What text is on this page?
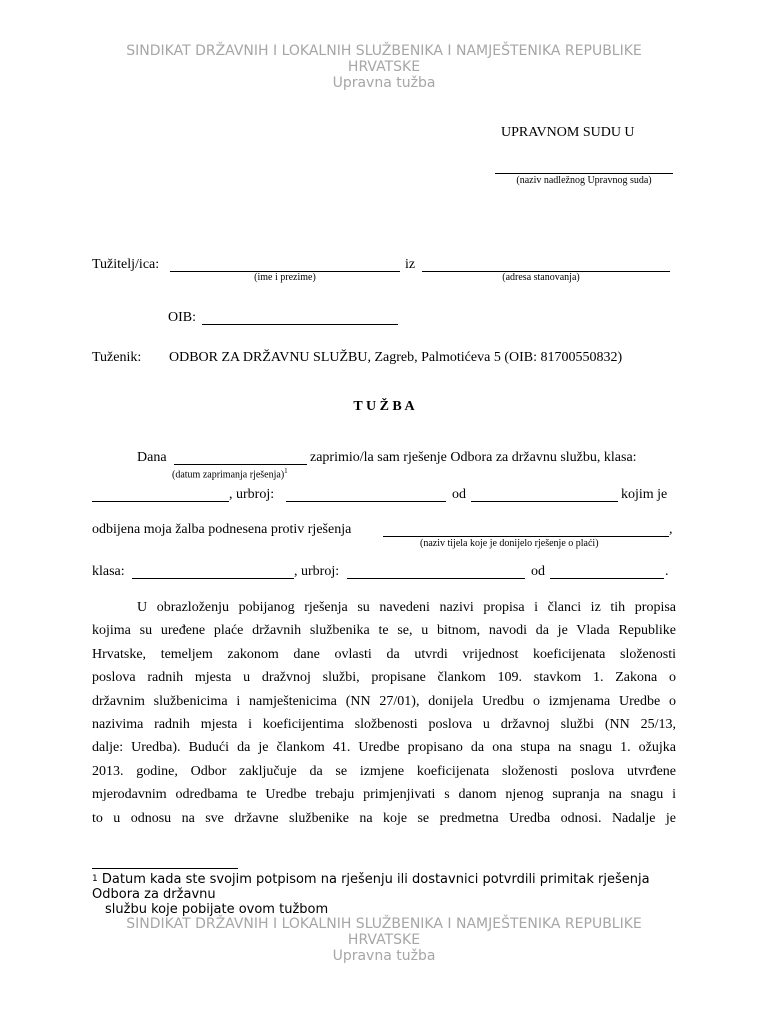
SINDIKAT DRŽAVNIH I LOKALNIH SLUŽBENIKA I NAMJEŠTENIKA REPUBLIKE
HRVATSKE
Upravna tužba
UPRAVNOM SUDU U
(naziv nadležnog Upravnog suda)
Tužitelj/ica:	iz
(ime i prezime)	(adresa stanovanja)
OIB:
Tuženik: ODBOR ZA DRŽAVNU SLUŽBU, Zagreb, Palmotićeva 5 (OIB: 81700550832)
T U Ž B A
Dana	zaprimio/la sam rješenje Odbora za državnu službu, klasa:
(datum zaprimanja rješenja)$^1$
, urbroj:	od	kojim je
odbijena moja žalba podnesena protiv rješenja	,
(naziv tijela koje je donijelo rješenje o plaći)
klasa:	, urbroj:	od	.
U obrazloženju pobijanog rješenja su navedeni nazivi propisa i članci iz tih propisa
kojima su uređene plaće državnih službenika te se, u bitnom, navodi da je Vlada Republike
Hrvatske, temeljem zakonom dane ovlasti da utvrdi vrijednost koeficijenata složenosti
poslova radnih mjesta u dražvnoj službi, propisane člankom 109. stavkom 1. Zakona o
državnim službenicima i namještenicima (NN 27/01), donijela Uredbu o izmjenama Uredbe o
nazivima radnih mjesta i koeficijentima složbenosti poslova u državnoj službi (NN 25/13,
dalje: Uredba). Budući da je člankom 41. Uredbe propisano da ona stupa na snagu 1. ožujka
2013. godine, Odbor zaključuje da se izmjene koeficijenata složenosti poslova utvrđene
mjerodavnim odredbama te Uredbe trebaju primjenjivati s danom njenog supranja na snagu i
to u odnosu na sve državne službenike na koje se predmetna Uredba odnosi. Nadalje je
$^1$ Datum kada ste svojim potpisom na rješenju ili dostavnici potvrdili primitak rješenja
Odbora za državnu
službu koje pobijate ovom tužbom
SINDIKAT DRŽAVNIH I LOKALNIH SLUŽBENIKA I NAMJEŠTENIKA REPUBLIKE
HRVATSKE
Upravna tužba
